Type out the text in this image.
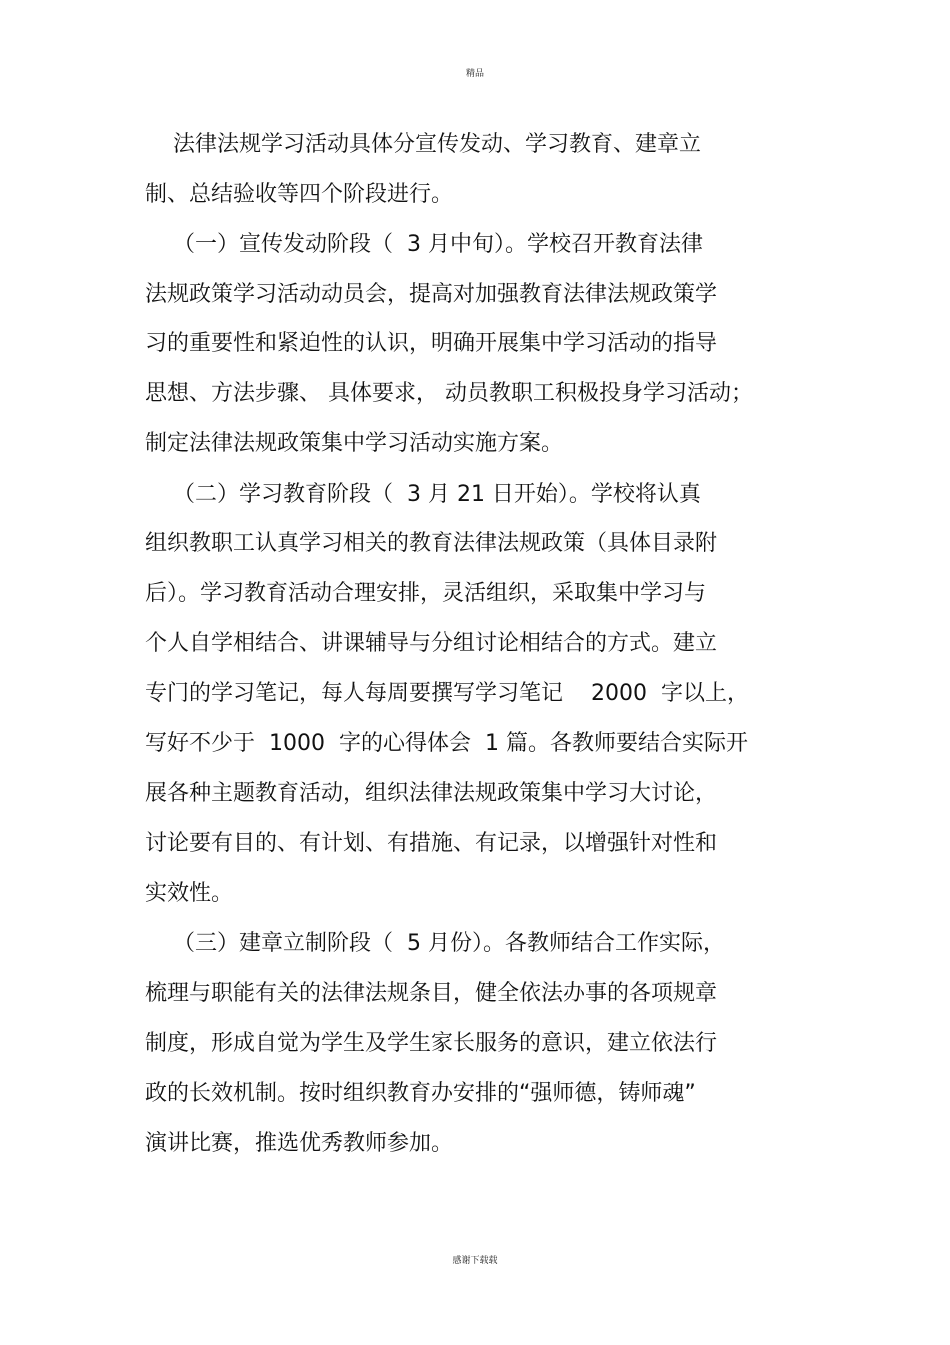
精品
法律法规学习活动具体分宣传发动、学习教育、建章立
制、总结验收等四个阶段进行。
（一）宣传发动阶段（  3 月中旬）。学校召开教育法律
法规政策学习活动动员会，提高对加强教育法律法规政策学
习的重要性和紧迫性的认识，明确开展集中学习活动的指导
思想、方法步骤、 具体要求， 动员教职工积极投身学习活动；
制定法律法规政策集中学习活动实施方案。
（二）学习教育阶段（  3 月 21 日开始）。学校将认真
组织教职工认真学习相关的教育法律法规政策（具体目录附
后）。学习教育活动合理安排，灵活组织，采取集中学习与
个人自学相结合、讲课辅导与分组讨论相结合的方式。建立
专门的学习笔记，每人每周要撰写学习笔记    2000  字以上，
写好不少于  1000  字的心得体会  1 篇。各教师要结合实际开
展各种主题教育活动，组织法律法规政策集中学习大讨论，
讨论要有目的、有计划、有措施、有记录，以增强针对性和
实效性。
（三）建章立制阶段（  5 月份）。各教师结合工作实际，
梳理与职能有关的法律法规条目，健全依法办事的各项规章
制度，形成自觉为学生及学生家长服务的意识，建立依法行
政的长效机制。按时组织教育办安排的“强师德，铸师魂”
演讲比赛，推选优秀教师参加。
感谢下载载
